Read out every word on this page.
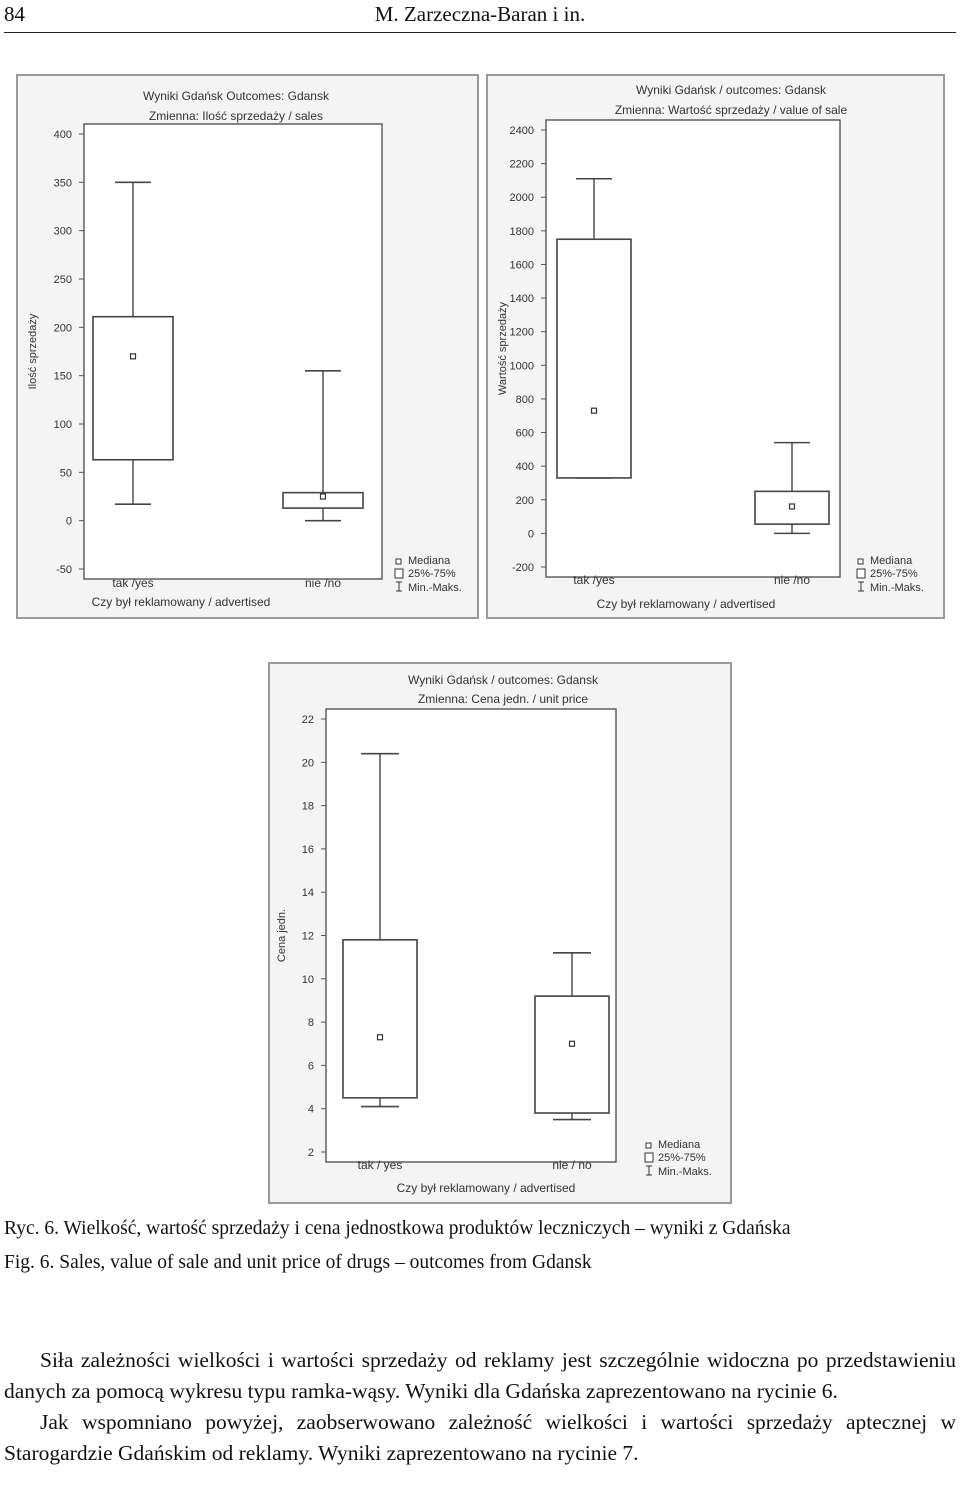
84	M. Zarzeczna-Baran i in.
Wyniki Gdańsk Outcomes: Gdansk
Zmienna: Ilość sprzedaży / sales
-50
0
50
100
150
200
250
300
350
400
Ilość sprzedaży
tak /yes	nie /no
Czy był reklamowany / advertised
Mediana
25%-75%
Min.-Maks.
Wyniki Gdańsk / outcomes: Gdansk
Zmienna: Wartość sprzedaży / value of sale
-200
0
200
400
600
800
1000
1200
1400
1600
1800
2000
2200
2400
Wartość sprzedaży
tak /yes	nie /no
Czy był reklamowany / advertised
Mediana
25%-75%
Min.-Maks.
Wyniki Gdańsk / outcomes: Gdansk
Zmienna: Cena jedn. / unit price
2
4
6
8
10
12
14
16
18
20
22
Cena jedn.
tak / yes	nie / no
Czy był reklamowany / advertised
Mediana
25%-75%
Min.-Maks.
Ryc. 6. Wielkość, wartość sprzedaży i cena jednostkowa produktów leczniczych – wyniki z Gdańska
Fig. 6. Sales, value of sale and unit price of drugs – outcomes from Gdansk

Siła zależności wielkości i wartości sprzedaży od reklamy jest szczególnie widoczna po przedstawieniu danych za pomocą wykresu typu ramka-wąsy. Wyniki dla Gdańska zaprezentowano na rycinie 6.

Jak wspomniano powyżej, zaobserwowano zależność wielkości i wartości sprzedaży aptecznej w Starogardzie Gdańskim od reklamy. Wyniki zaprezentowano na rycinie 7.
